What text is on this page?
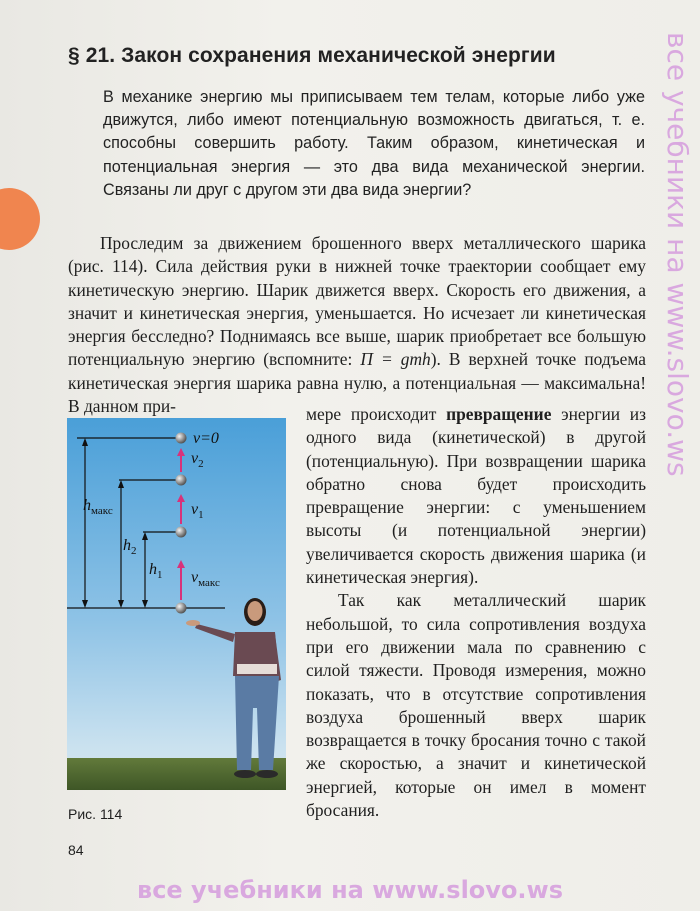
§ 21. Закон сохранения механической энергии

В механике энергию мы приписываем тем телам, которые либо уже движутся, либо имеют потенциальную возможность двигаться, т. е. способны совершить работу. Таким образом, кинетическая и потенциальная энергия — это два вида механической энергии. Связаны ли друг с другом эти два вида энергии?

Проследим за движением брошенного вверх металлического шарика (рис. 114). Сила действия руки в нижней точке траектории сообщает ему кинетическую энергию. Шарик движется вверх. Скорость его движения, а значит и кинетическая энергия, уменьшается. Но исчезает ли кинетическая энергия бесследно? Поднимаясь все выше, шарик приобретает все большую потенциальную энергию (вспомните: П = gmh). В верхней точке подъема кинетическая энергия шарика равна нулю, а потенциальная — максимальна! В данном при-	мере происходит превращение энергии из одного вида (кинетической) в другой (потенциальную). При возвращении шарика обратно снова будет происходить превращение энергии: с уменьшением высоты (и потенциальной энергии) увеличивается скорость движения шарика (и кинетическая энергия).

Так как металлический шарик небольшой, то сила сопротивления воздуха при его движении мала по сравнению с силой тяжести. Проводя измерения, можно показать, что в отсутствие сопротивления воздуха брошенный вверх шарик возвращается в точку бросания точно с такой же скоростью, а значит и кинетической энергией, которые он имел в момент бросания.

v=0
$v_2$
$v_1$
$v_{макс}$
$h_{макс}$
$h_2$
$h_1$
Рис. 114
84
все учебники на www.slovo.ws
все учебники на www.slovo.ws
